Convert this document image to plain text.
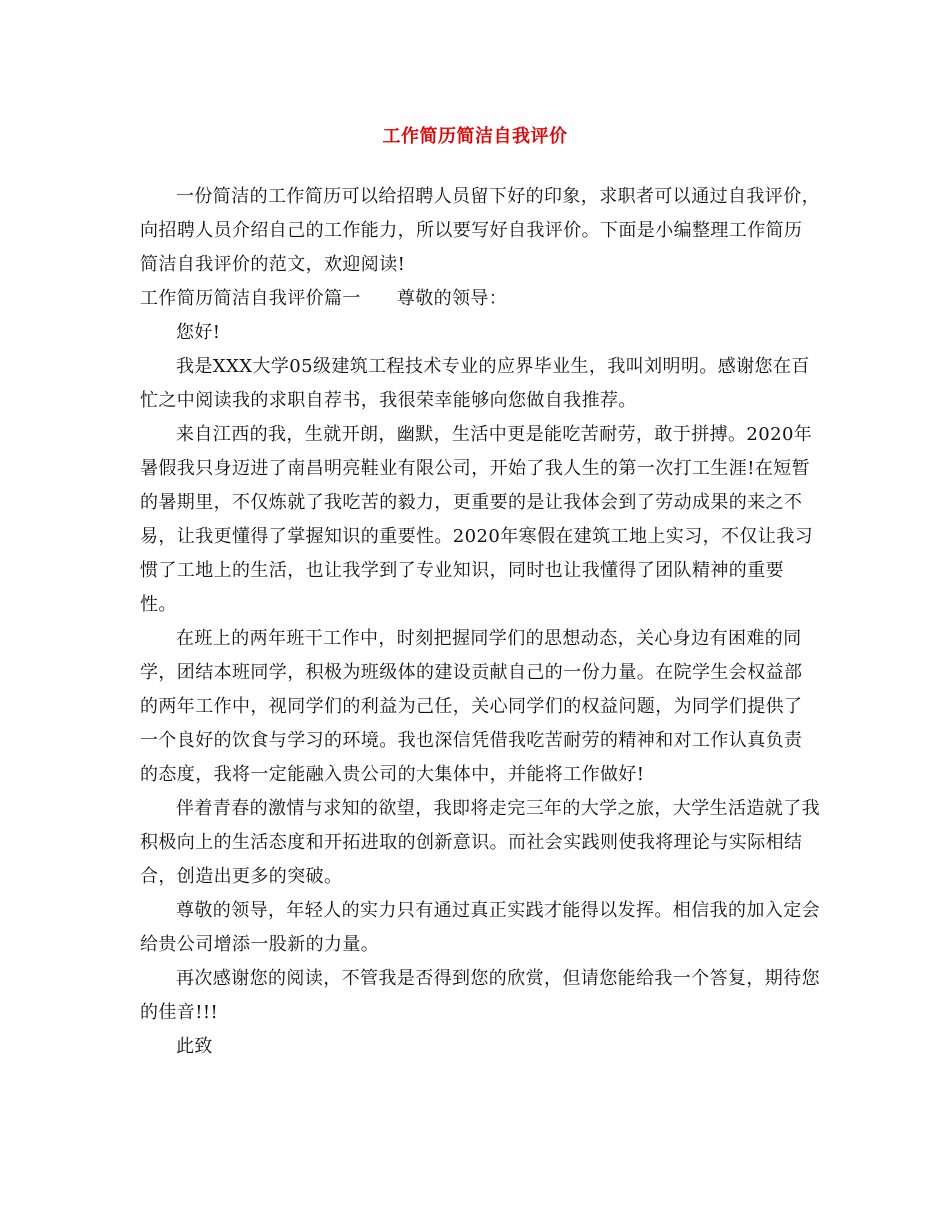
工作简历简洁自我评价

一份简洁的工作简历可以给招聘人员留下好的印象，求职者可以通过自我评价，向招聘人员介绍自己的工作能力，所以要写好自我评价。下面是小编整理工作简历简洁自我评价的范文，欢迎阅读!

工作简历简洁自我评价篇一 尊敬的领导：

您好!

我是XXX大学05级建筑工程技术专业的应界毕业生，我叫刘明明。感谢您在百忙之中阅读我的求职自荐书，我很荣幸能够向您做自我推荐。

来自江西的我，生就开朗，幽默，生活中更是能吃苦耐劳，敢于拼搏。2020年暑假我只身迈进了南昌明亮鞋业有限公司，开始了我人生的第一次打工生涯!在短暂的暑期里，不仅炼就了我吃苦的毅力，更重要的是让我体会到了劳动成果的来之不易，让我更懂得了掌握知识的重要性。2020年寒假在建筑工地上实习，不仅让我习惯了工地上的生活，也让我学到了专业知识，同时也让我懂得了团队精神的重要性。

在班上的两年班干工作中，时刻把握同学们的思想动态，关心身边有困难的同学，团结本班同学，积极为班级体的建设贡献自己的一份力量。在院学生会权益部的两年工作中，视同学们的利益为己任，关心同学们的权益问题，为同学们提供了一个良好的饮食与学习的环境。我也深信凭借我吃苦耐劳的精神和对工作认真负责的态度，我将一定能融入贵公司的大集体中，并能将工作做好!

伴着青春的激情与求知的欲望，我即将走完三年的大学之旅，大学生活造就了我积极向上的生活态度和开拓进取的创新意识。而社会实践则使我将理论与实际相结合，创造出更多的突破。

尊敬的领导，年轻人的实力只有通过真正实践才能得以发挥。相信我的加入定会给贵公司增添一股新的力量。

再次感谢您的阅读，不管我是否得到您的欣赏，但请您能给我一个答复，期待您的佳音!!!

此致
